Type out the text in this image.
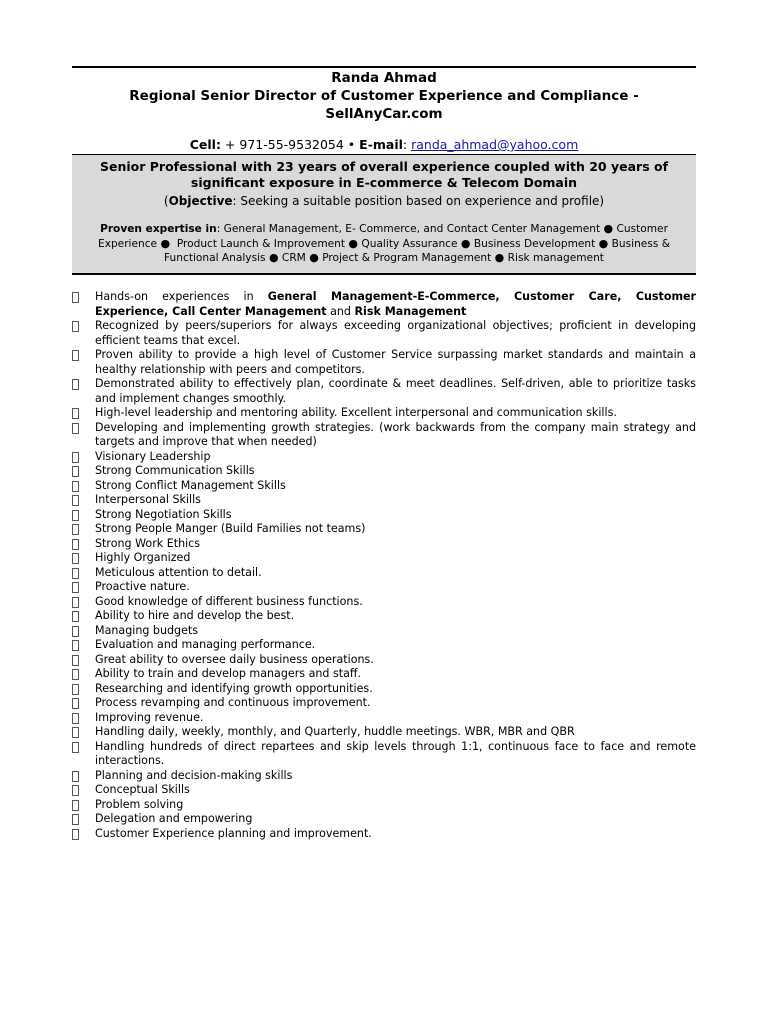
Randa Ahmad
Regional Senior Director of Customer Experience and Compliance -
SellAnyCar.com
Cell: + 971-55-9532054 • E-mail: randa_ahmad@yahoo.com
Senior Professional with 23 years of overall experience coupled with 20 years of significant exposure in E-commerce & Telecom Domain
(Objective: Seeking a suitable position based on experience and profile)
Proven expertise in: General Management, E- Commerce, and Contact Center Management ● Customer Experience ● Product Launch & Improvement ● Quality Assurance ● Business Development ● Business & Functional Analysis ● CRM ● Project & Program Management ● Risk management
Hands-on experiences in General Management-E-Commerce, Customer Care, Customer Experience, Call Center Management and Risk Management
Recognized by peers/superiors for always exceeding organizational objectives; proficient in developing efficient teams that excel.
Proven ability to provide a high level of Customer Service surpassing market standards and maintain a healthy relationship with peers and competitors.
Demonstrated ability to effectively plan, coordinate & meet deadlines. Self-driven, able to prioritize tasks and implement changes smoothly.
High-level leadership and mentoring ability. Excellent interpersonal and communication skills.
Developing and implementing growth strategies. (work backwards from the company main strategy and targets and improve that when needed)
Visionary Leadership
Strong Communication Skills
Strong Conflict Management Skills
Interpersonal Skills
Strong Negotiation Skills
Strong People Manger (Build Families not teams)
Strong Work Ethics
Highly Organized
Meticulous attention to detail.
Proactive nature.
Good knowledge of different business functions.
Ability to hire and develop the best.
Managing budgets
Evaluation and managing performance.
Great ability to oversee daily business operations.
Ability to train and develop managers and staff.
Researching and identifying growth opportunities.
Process revamping and continuous improvement.
Improving revenue.
Handling daily, weekly, monthly, and Quarterly, huddle meetings. WBR, MBR and QBR
Handling hundreds of direct repartees and skip levels through 1:1, continuous face to face and remote interactions.
Planning and decision-making skills
Conceptual Skills
Problem solving
Delegation and empowering
Customer Experience planning and improvement.
